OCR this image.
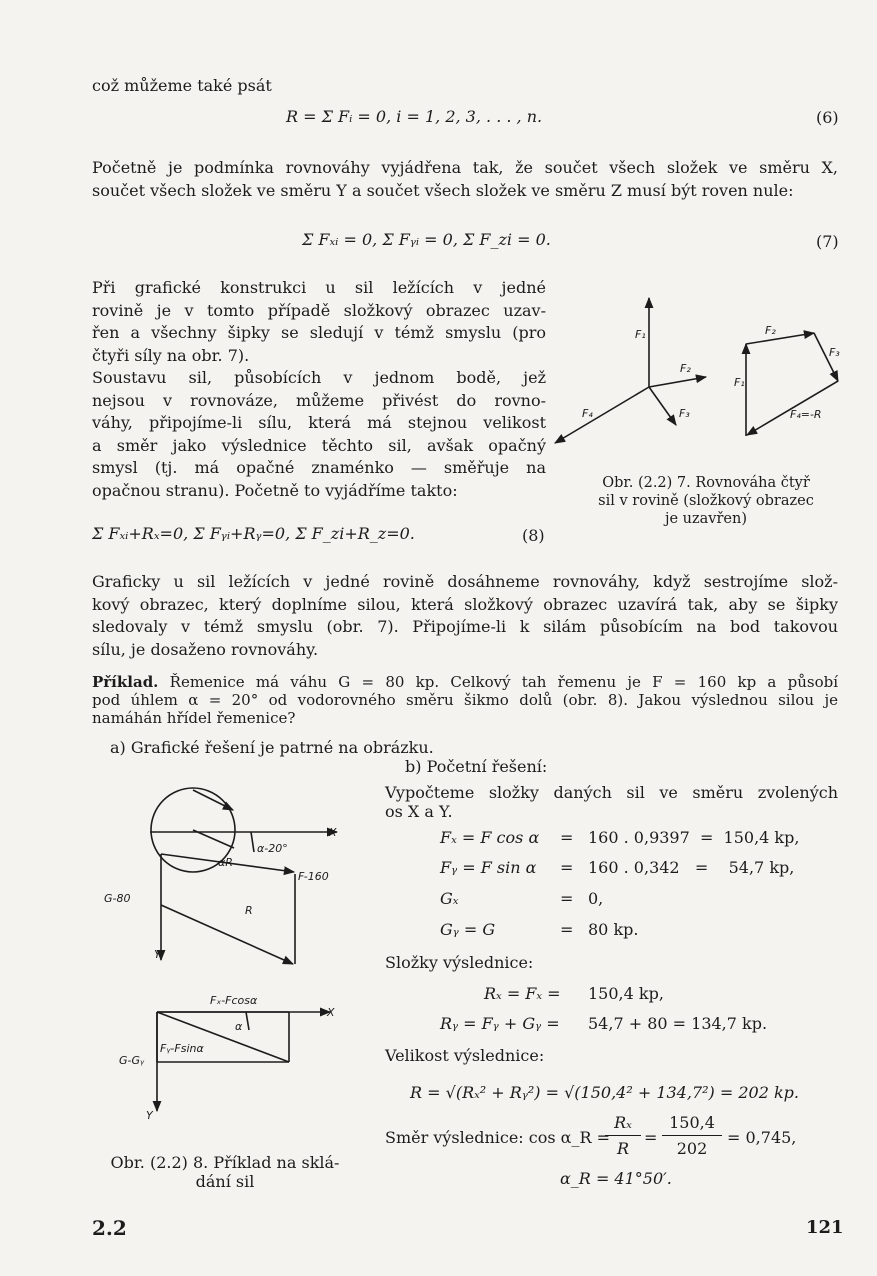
což můžeme také psát
R = Σ Fᵢ = 0, i = 1, 2, 3, . . . , n.	(6)
Početně je podmínka rovnováhy vyjádřena tak, že součet všech složek ve směru X,
součet všech složek ve směru Y a součet všech složek ve směru Z musí být roven nule:
Σ Fₓᵢ = 0, Σ Fᵧᵢ = 0, Σ F_zi = 0.	(7)
Při grafické konstrukci u sil ležících v jedné
rovině je v tomto případě složkový obrazec uzav-
řen a všechny šipky se sledují v témž smyslu (pro
čtyři síly na obr. 7).
Soustavu sil, působících v jednom bodě, jež
nejsou v rovnováze, můžeme přivést do rovno-
váhy, připojíme-li sílu, která má stejnou velikost
a směr jako výslednice těchto sil, avšak opačný
smysl (tj. má opačné znaménko — směřuje na
opačnou stranu). Početně to vyjádříme takto:
Σ Fₓᵢ+Rₓ=0, Σ Fᵧᵢ+Rᵧ=0, Σ F_zi+R_z=0.	(8)
Obr. (2.2) 7. Rovnováha čtyř
sil v rovině (složkový obrazec
je uzavřen)
Graficky u sil ležících v jedné rovině dosáhneme rovnováhy, když sestrojíme slož-
kový obrazec, který doplníme silou, která složkový obrazec uzavírá tak, aby se šipky
sledovaly v témž smyslu (obr. 7). Připojíme-li k silám působícím na bod takovou
sílu, je dosaženo rovnováhy.
Příklad. Řemenice má váhu G = 80 kp. Celkový tah řemenu je F = 160 kp a působí
pod úhlem α = 20° od vodorovného směru šikmo dolů (obr. 8). Jakou výslednou silou je
namáhán hřídel řemenice?
a) Grafické řešení je patrné na obrázku.
b) Početní řešení:
Vypočteme složky daných sil ve směru zvolených
os X a Y.
Fₓ = F cos α = 160 . 0,9397  =  150,4 kp,
Fᵧ = F sin α = 160 . 0,342   =    54,7 kp,
Gₓ	= 0,
Gᵧ = G	= 80 kp.
Složky výslednice:
Rₓ = Fₓ = 150,4 kp,
Rᵧ = Fᵧ + Gᵧ = 54,7 + 80 = 134,7 kp.
Velikost výslednice:
R = √(Rₓ² + Rᵧ²) = √(150,4² + 134,7²) = 202 kp.
Směr výslednice: cos α_R =
Rₓ
R
=
150,4
202
= 0,745,
α_R = 41°50′.
Obr. (2.2) 8. Příklad na sklá-
dání sil
2.2	121
F₁
F₂
F₃
F₄
F₁
F₂
F₃
F₄=-R
X
α-20°
αR
F-160
G-80
R
Y
Fₓ-Fcosα
X
α
Fᵧ-Fsinα
G-Gᵧ
Y
